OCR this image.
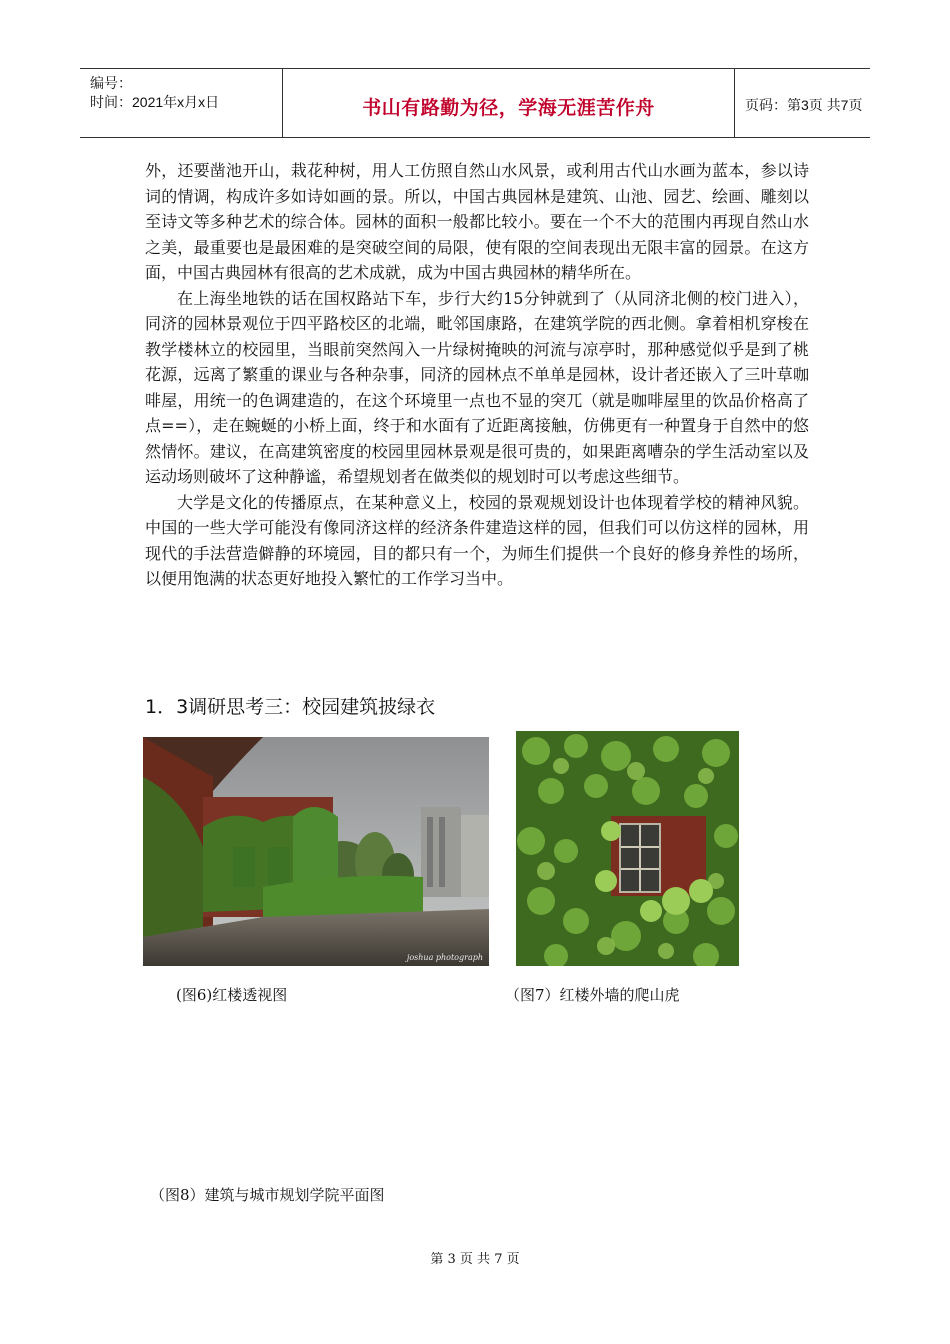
编号：
时间：2021年x月x日	书山有路勤为径，学海无涯苦作舟	页码：第3页 共7页

外，还要凿池开山，栽花种树，用人工仿照自然山水风景，或利用古代山水画为蓝本，参以诗词的情调，构成许多如诗如画的景。所以，中国古典园林是建筑、山池、园艺、绘画、雕刻以至诗文等多种艺术的综合体。园林的面积一般都比较小。要在一个不大的范围内再现自然山水之美，最重要也是最困难的是突破空间的局限，使有限的空间表现出无限丰富的园景。在这方面，中国古典园林有很高的艺术成就，成为中国古典园林的精华所在。

在上海坐地铁的话在国权路站下车，步行大约15分钟就到了（从同济北侧的校门进入），同济的园林景观位于四平路校区的北端，毗邻国康路，在建筑学院的西北侧。拿着相机穿梭在教学楼林立的校园里，当眼前突然闯入一片绿树掩映的河流与凉亭时，那种感觉似乎是到了桃花源，远离了繁重的课业与各种杂事，同济的园林点不单单是园林，设计者还嵌入了三叶草咖啡屋，用统一的色调建造的，在这个环境里一点也不显的突兀（就是咖啡屋里的饮品价格高了点==），走在蜿蜒的小桥上面，终于和水面有了近距离接触，仿佛更有一种置身于自然中的悠然情怀。建议，在高建筑密度的校园里园林景观是很可贵的，如果距离嘈杂的学生活动室以及运动场则破坏了这种静谧，希望规划者在做类似的规划时可以考虑这些细节。

大学是文化的传播原点，在某种意义上，校园的景观规划设计也体现着学校的精神风貌。中国的一些大学可能没有像同济这样的经济条件建造这样的园，但我们可以仿这样的园林，用现代的手法营造僻静的环境园，目的都只有一个，为师生们提供一个良好的修身养性的场所，以便用饱满的状态更好地投入繁忙的工作学习当中。

1．3调研思考三：校园建筑披绿衣
joshua photograph
(图6)红楼透视图	（图7）红楼外墙的爬山虎
（图8）建筑与城市规划学院平面图
第 3 页 共 7 页
